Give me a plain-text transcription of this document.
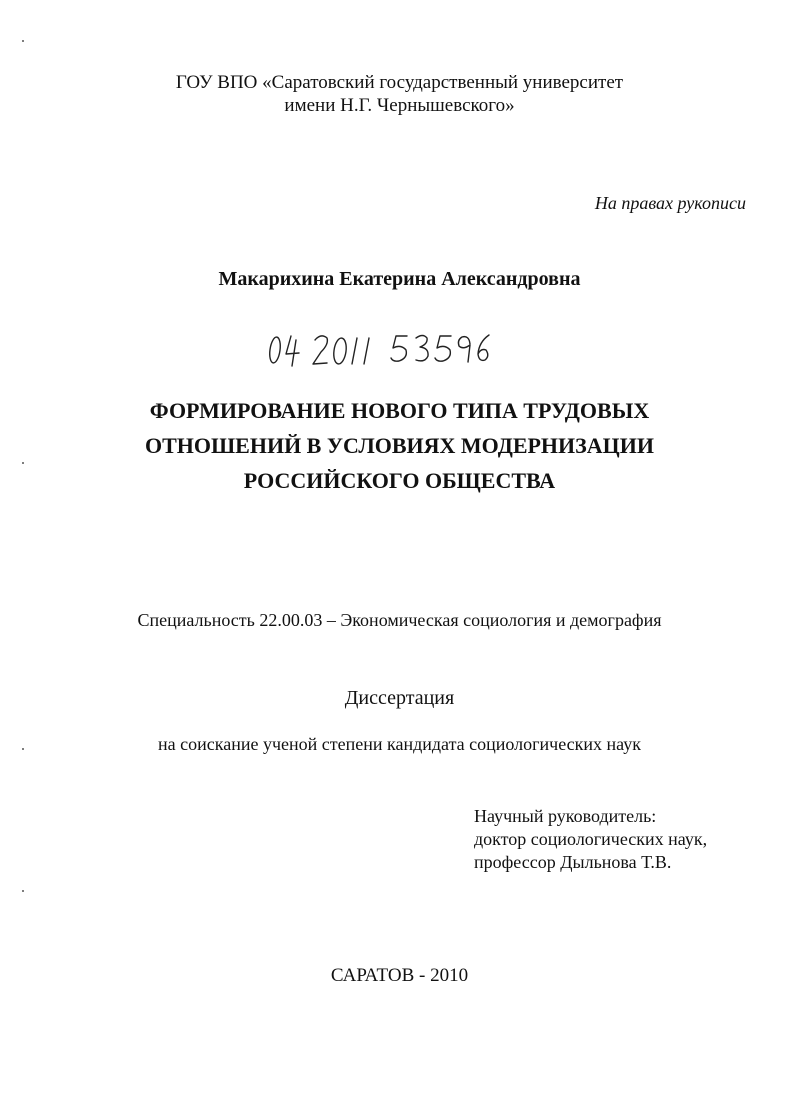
ГОУ ВПО «Саратовский государственный университет
имени Н.Г. Чернышевского»
На правах рукописи
Макарихина Екатерина Александровна
ФОРМИРОВАНИЕ НОВОГО ТИПА ТРУДОВЫХ
ОТНОШЕНИЙ В УСЛОВИЯХ МОДЕРНИЗАЦИИ
РОССИЙСКОГО ОБЩЕСТВА
Специальность 22.00.03 – Экономическая социология и демография
Диссертация
на соискание ученой степени кандидата социологических наук
Научный руководитель:
доктор социологических наук,
профессор Дыльнова Т.В.
САРАТОВ - 2010
